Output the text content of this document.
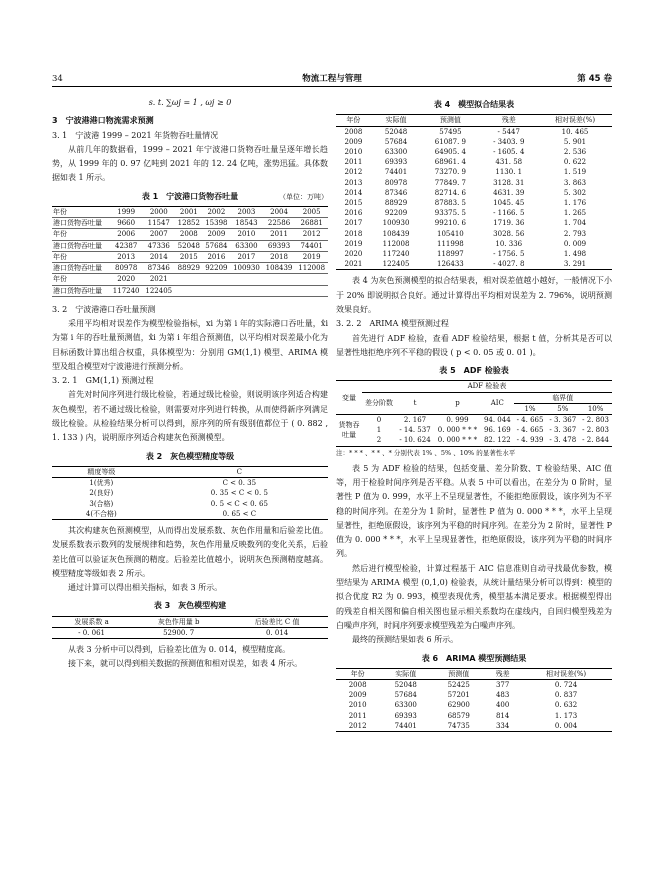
34	物流工程与管理	第 45 卷
s. t. ∑ωj = 1 , ωj ≥ 0
3　宁波港港口物流需求预测
3. 1　宁波港 1999 – 2021 年货物吞吐量情况

从前几年的数据看，1999 – 2021 年宁波港口货物吞吐量呈逐年增长趋势，从 1999 年的 0. 97 亿吨到 2021 年的 12. 24 亿吨，涨势迅猛。具体数据如表 1 所示。

表 1　宁波港口货物吞吐量	（单位：万吨）
年份	1999	2000	2001	2002	2003	2004	2005
港口货物吞吐量	9660	11547	12852	15398	18543	22586	26881
年份	2006	2007	2008	2009	2010	2011	2012
港口货物吞吐量	42387	47336	52048	57684	63300	69393	74401
年份	2013	2014	2015	2016	2017	2018	2019
港口货物吞吐量	80978	87346	88929	92209	100930	108439	112008
年份	2020	2021					
港口货物吞吐量	117240	122405					
3. 2　宁波港港口吞吐量预测

采用平均相对误差作为模型检验指标，xi 为第 i 年的实际港口吞吐量，x̂i 为第 i 年的吞吐量预测值，x̂i 为第 i 年组合预测值，以平均相对误差最小化为目标函数计算出组合权重，具体模型为：分别用 GM(1,1) 模型、ARIMA 模型及组合模型对宁波港进行预测分析。

3. 2. 1　GM(1,1) 预测过程

首先对时间序列进行级比检验，若通过级比检验，则说明该序列适合构建灰色模型，若不通过级比检验，则需要对序列进行转换，从而使得新序列满足级比检验。从检验结果分析可以得到，原序列的所有级别值都位于 ( 0. 882 , 1. 133 ) 内，说明原序列适合构建灰色预测模型。

表 2　灰色模型精度等级
精度等级	C
1(优秀)	C < 0. 35
2(良好)	0. 35 < C < 0. 5
3(合格)	0. 5 < C < 0. 65
4(不合格)	0. 65 < C

其次构建灰色预测模型，从而得出发展系数、灰色作用量和后验差比值。发展系数表示数列的发展规律和趋势，灰色作用量反映数列的变化关系，后验差比值可以验证灰色预测的精度。后验差比值越小，说明灰色预测精度越高。模型精度等级如表 2 所示。

通过计算可以得出相关指标，如表 3 所示。

表 3　灰色模型构建
发展系数 a	灰色作用量 b	后验差比 C 值
- 0. 061	52900. 7	0. 014

从表 3 分析中可以得到，后验差比值为 0. 014，模型精度高。

接下来，就可以得到相关数据的预测值和相对误差，如表 4 所示。

表 4　模型拟合结果表
年份	实际值	预测值	残差	相对误差(%)
2008	52048	57495	- 5447	10. 465
2009	57684	61087. 9	- 3403. 9	5. 901
2010	63300	64905. 4	- 1605. 4	2. 536
2011	69393	68961. 4	431. 58	0. 622
2012	74401	73270. 9	1130. 1	1. 519
2013	80978	77849. 7	3128. 31	3. 863
2014	87346	82714. 6	4631. 39	5. 302
2015	88929	87883. 5	1045. 45	1. 176
2016	92209	93375. 5	- 1166. 5	1. 265
2017	100930	99210. 6	1719. 36	1. 704
2018	108439	105410	3028. 56	2. 793
2019	112008	111998	10. 336	0. 009
2020	117240	118997	- 1756. 5	1. 498
2021	122405	126433	- 4027. 8	3. 291

表 4 为灰色预测模型的拟合结果表，相对误差值越小越好，一般情况下小于 20% 即说明拟合良好。通过计算得出平均相对误差为 2. 796%，说明预测效果良好。

3. 2. 2　ARIMA 模型预测过程

首先进行 ADF 检验，查看 ADF 检验结果，根据 t 值，分析其是否可以显著性地拒绝序列不平稳的假设 ( p < 0. 05 或 0. 01 )。

表 5　ADF 检验表
变量	ADF 检验表						
	差分阶数	t	p	AIC	临界值		
					1%	5%	10%
货物吞吐量	0	2. 167	0. 999	94. 044	- 4. 665	- 3. 367	- 2. 803
	1	- 14. 537	0. 000 * * *	96. 169	- 4. 665	- 3. 367	- 2. 803
	2	- 10. 624	0. 000 * * *	82. 122	- 4. 939	- 3. 478	- 2. 844
注：* * * 、* * 、* 分别代表 1% 、5% 、10% 的显著性水平

表 5 为 ADF 检验的结果，包括变量、差分阶数、T 检验结果、AIC 值等，用于检验时间序列是否平稳。从表 5 中可以看出，在差分为 0 阶时，显著性 P 值为 0. 999，水平上不呈现显著性，不能拒绝原假设，该序列为不平稳的时间序列。在差分为 1 阶时，显著性 P 值为 0. 000 * * *，水平上呈现显著性，拒绝原假设，该序列为平稳的时间序列。在差分为 2 阶时，显著性 P 值为 0. 000 * * *，水平上呈现显著性，拒绝原假设，该序列为平稳的时间序列。

然后进行模型检验，计算过程基于 AIC 信息准则自动寻找最优参数，模型结果为 ARIMA 模型 (0,1,0) 检验表，从统计量结果分析可以得到：模型的拟合优度 R2 为 0. 993，模型表现优秀，模型基本满足要求。根据模型得出的残差自相关图和偏自相关图也显示相关系数均在虚线内，自回归模型残差为白噪声序列，时间序列要求模型残差为白噪声序列。

最终的预测结果如表 6 所示。

表 6　ARIMA 模型预测结果
年份	实际值	预测值	残差	相对误差(%)
2008	52048	52425	377	0. 724
2009	57684	57201	483	0. 837
2010	63300	62900	400	0. 632
2011	69393	68579	814	1. 173
2012	74401	74735	334	0. 004
